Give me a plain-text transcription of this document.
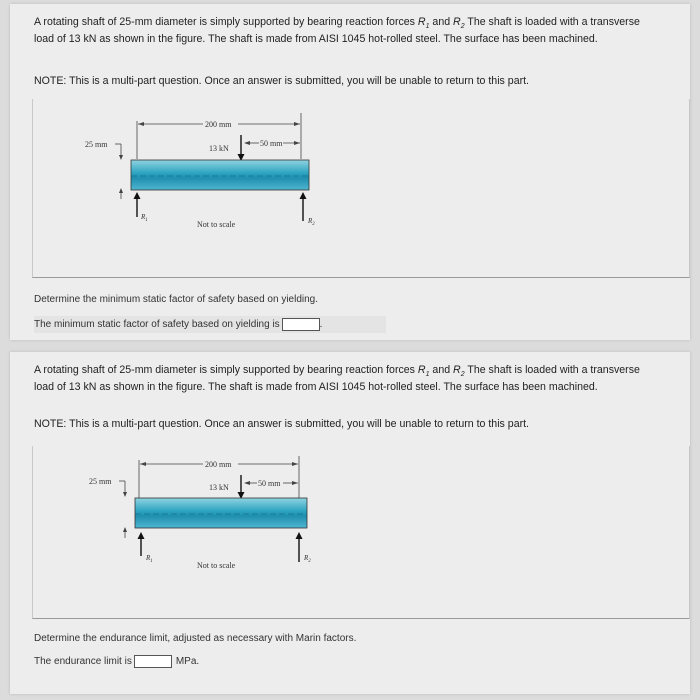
A rotating shaft of 25-mm diameter is simply supported by bearing reaction forces $R_1$ and $R_2$ The shaft is loaded with a transverse load of 13 kN as shown in the figure. The shaft is made from AISI 1045 hot-rolled steel. The surface has been machined.
NOTE: This is a multi-part question. Once an answer is submitted, you will be unable to return to this part.
200 mm
50 mm
13 kN
25 mm
$R_1$	$R_2$
Not to scale
Determine the minimum static factor of safety based on yielding.
The minimum static factor of safety based on yielding is	.
A rotating shaft of 25-mm diameter is simply supported by bearing reaction forces $R_1$ and $R_2$ The shaft is loaded with a transverse load of 13 kN as shown in the figure. The shaft is made from AISI 1045 hot-rolled steel. The surface has been machined.
NOTE: This is a multi-part question. Once an answer is submitted, you will be unable to return to this part.
200 mm
50 mm
13 kN
25 mm
$R_1$	$R_2$
Not to scale
Determine the endurance limit, adjusted as necessary with Marin factors.
The endurance limit is	MPa.
